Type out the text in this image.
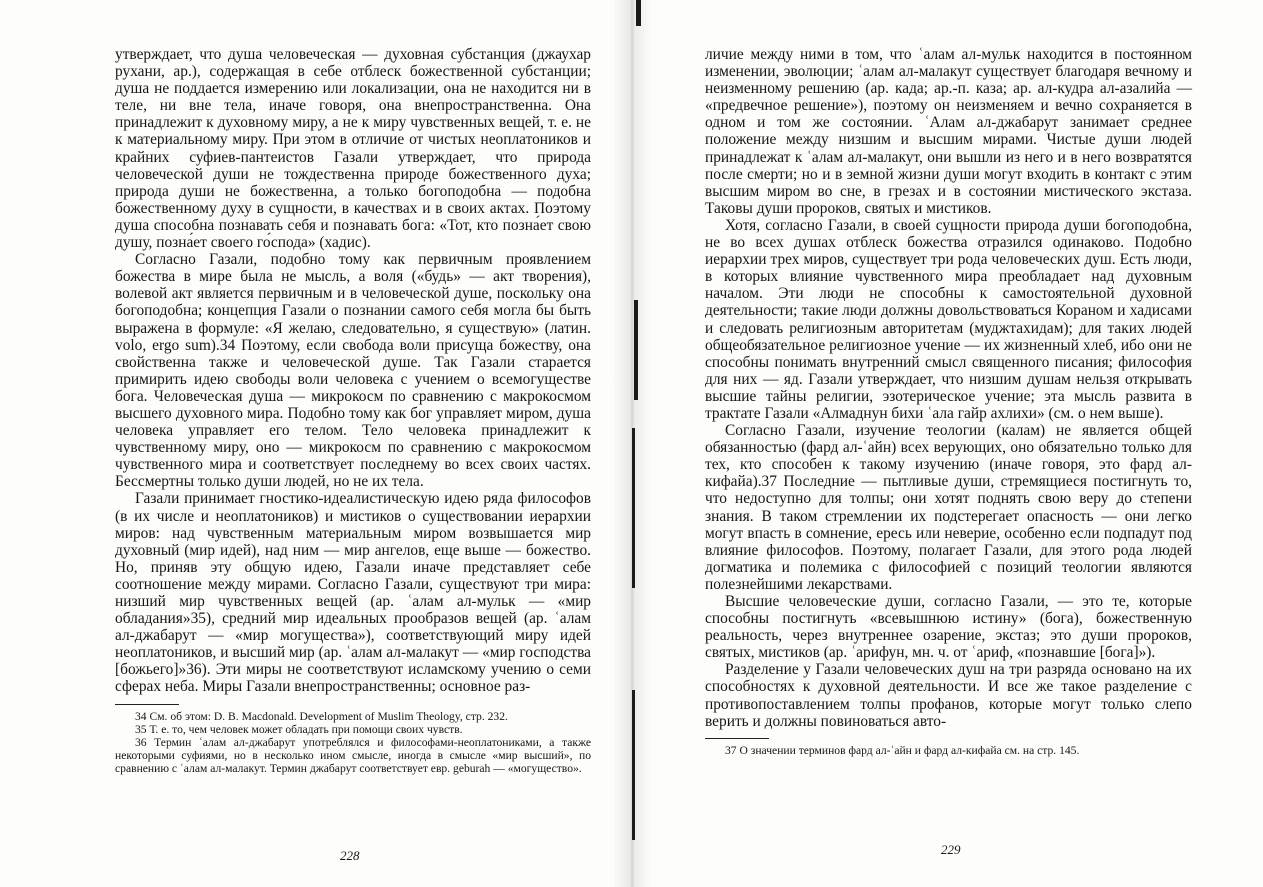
утверждает, что душа человеческая — духовная субстанция (джаухар рухани, ар.), содержащая в себе отблеск божественной субстанции; душа не поддается измерению или локализации, она не находится ни в теле, ни вне тела, иначе говоря, она внепространственна. Она принадлежит к духовному миру, а не к миру чувственных вещей, т. е. не к материальному миру. При этом в отличие от чистых неоплатоников и крайних суфиев-пантеистов Газали утверждает, что природа человеческой души не тождественна природе божественного духа; природа души не божественна, а только богоподобна — подобна божественному духу в сущности, в качествах и в своих актах. Поэтому душа способна познавать себя и познавать бога: «Тот, кто позна́ет свою душу, позна́ет своего го́спода» (хадис).

Согласно Газали, подобно тому как первичным проявлением божества в мире была не мысль, а воля («будь» — акт творения), волевой акт является первичным и в человеческой душе, поскольку она богоподобна; концепция Газали о познании самого себя могла бы быть выражена в формуле: «Я желаю, следовательно, я существую» (латин. volo, ergo sum).34 Поэтому, если свобода воли присуща божеству, она свойственна также и человеческой душе. Так Газали старается примирить идею свободы воли человека с учением о всемогуществе бога. Человеческая душа — микрокосм по сравнению с макрокосмом высшего духовного мира. Подобно тому как бог управляет миром, душа человека управляет его телом. Тело человека принадлежит к чувственному миру, оно — микрокосм по сравнению с макрокосмом чувственного мира и соответствует последнему во всех своих частях. Бессмертны только души людей, но не их тела.

Газали принимает гностико-идеалистическую идею ряда философов (в их числе и неоплатоников) и мистиков о существовании иерархии миров: над чувственным материальным миром возвышается мир духовный (мир идей), над ним — мир ангелов, еще выше — божество. Но, приняв эту общую идею, Газали иначе представляет себе соотношение между мирами. Согласно Газали, существуют три мира: низший мир чувственных вещей (ар. ʿалам ал-мульк — «мир обладания»35), средний мир идеальных прообразов вещей (ар. ʿалам ал-джабарут — «мир могущества»), соответствующий миру идей неоплатоников, и высший мир (ар. ʿалам ал-малакут — «мир господства [божьего]»36). Эти миры не соответствуют исламскому учению о семи сферах неба. Миры Газали внепространственны; основное раз-

34 См. об этом: D. B. Macdonald. Development of Muslim Theology, стр. 232.

35 Т. е. то, чем человек может обладать при помощи своих чувств.

36 Термин ʿалам ал-джабарут употреблялся и философами-неоплатониками, а также некоторыми суфиями, но в несколько ином смысле, иногда в смысле «мир высший», по сравнению с ʿалам ал-малакут. Термин джабарут соответствует евр. geburah — «могущество».

228

личие между ними в том, что ʿалам ал-мульк находится в постоянном изменении, эволюции; ʿалам ал-малакут существует благодаря вечному и неизменному решению (ар. када; ар.-п. каза; ар. ал-кудра ал-азалийа — «предвечное решение»), поэтому он неизменяем и вечно сохраняется в одном и том же состоянии. ʿАлам ал-джабарут занимает среднее положение между низшим и высшим мирами. Чистые души людей принадлежат к ʿалам ал-малакут, они вышли из него и в него возвратятся после смерти; но и в земной жизни души могут входить в контакт с этим высшим миром во сне, в грезах и в состоянии мистического экстаза. Таковы души пророков, святых и мистиков.

Хотя, согласно Газали, в своей сущности природа души богоподобна, не во всех душах отблеск божества отразился одинаково. Подобно иерархии трех миров, существует три рода человеческих душ. Есть люди, в которых влияние чувственного мира преобладает над духовным началом. Эти люди не способны к самостоятельной духовной деятельности; такие люди должны довольствоваться Кораном и хадисами и следовать религиозным авторитетам (муджтахидам); для таких людей общеобязательное религиозное учение — их жизненный хлеб, ибо они не способны понимать внутренний смысл священного писания; философия для них — яд. Газали утверждает, что низшим душам нельзя открывать высшие тайны религии, эзотерическое учение; эта мысль развита в трактате Газали «Алмаднун бихи ʿала гайр ахлихи» (см. о нем выше).

Согласно Газали, изучение теологии (калам) не является общей обязанностью (фард ал-ʿайн) всех верующих, оно обязательно только для тех, кто способен к такому изучению (иначе говоря, это фард ал-кифайа).37 Последние — пытливые души, стремящиеся постигнуть то, что недоступно для толпы; они хотят поднять свою веру до степени знания. В таком стремлении их подстерегает опасность — они легко могут впасть в сомнение, ересь или неверие, особенно если подпадут под влияние философов. Поэтому, полагает Газали, для этого рода людей догматика и полемика с философией с позиций теологии являются полезнейшими лекарствами.

Высшие человеческие души, согласно Газали, — это те, которые способны постигнуть «всевышнюю истину» (бога), божественную реальность, через внутреннее озарение, экстаз; это души пророков, святых, мистиков (ар. ʿарифун, мн. ч. от ʿариф, «познавшие [бога]»).

Разделение у Газали человеческих душ на три разряда основано на их способностях к духовной деятельности. И все же такое разделение с противопоставлением толпы профанов, которые могут только слепо верить и должны повиноваться авто-

37 О значении терминов фард ал-ʿайн и фард ал-кифайа см. на стр. 145.

229
